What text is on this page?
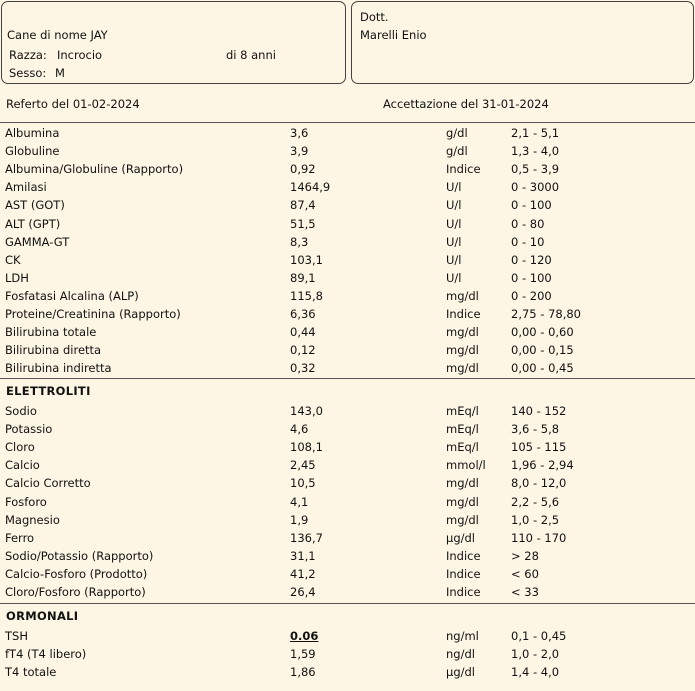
Cane di nome JAY
Razza: Incrocio	di 8 anni
Sesso: M
Dott.
Marelli Enio
Referto del 01-02-2024	Accettazione del 31-01-2024
Albumina	3,6	g/dl	2,1 - 5,1
Globuline	3,9	g/dl	1,3 - 4,0
Albumina/Globuline (Rapporto)	0,92	Indice	0,5 - 3,9
Amilasi	1464,9	U/l	0 - 3000
AST (GOT)	87,4	U/l	0 - 100
ALT (GPT)	51,5	U/l	0 - 80
GAMMA-GT	8,3	U/l	0 - 10
CK	103,1	U/l	0 - 120
LDH	89,1	U/l	0 - 100
Fosfatasi Alcalina (ALP)	115,8	mg/dl	0 - 200
Proteine/Creatinina (Rapporto)	6,36	Indice	2,75 - 78,80
Bilirubina totale	0,44	mg/dl	0,00 - 0,60
Bilirubina diretta	0,12	mg/dl	0,00 - 0,15
Bilirubina indiretta	0,32	mg/dl	0,00 - 0,45
ELETTROLITI
Sodio	143,0	mEq/l	140 - 152
Potassio	4,6	mEq/l	3,6 - 5,8
Cloro	108,1	mEq/l	105 - 115
Calcio	2,45	mmol/l 1,96 - 2,94
Calcio Corretto	10,5	mg/dl	8,0 - 12,0
Fosforo	4,1	mg/dl	2,2 - 5,6
Magnesio	1,9	mg/dl	1,0 - 2,5
Ferro	136,7	µg/dl	110 - 170
Sodio/Potassio (Rapporto)	31,1	Indice	> 28
Calcio-Fosforo (Prodotto)	41,2	Indice	< 60
Cloro/Fosforo (Rapporto)	26,4	Indice	< 33
ORMONALI
TSH	0.06	ng/ml	0,1 - 0,45
fT4 (T4 libero)	1,59	ng/dl	1,0 - 2,0
T4 totale	1,86	µg/dl	1,4 - 4,0
